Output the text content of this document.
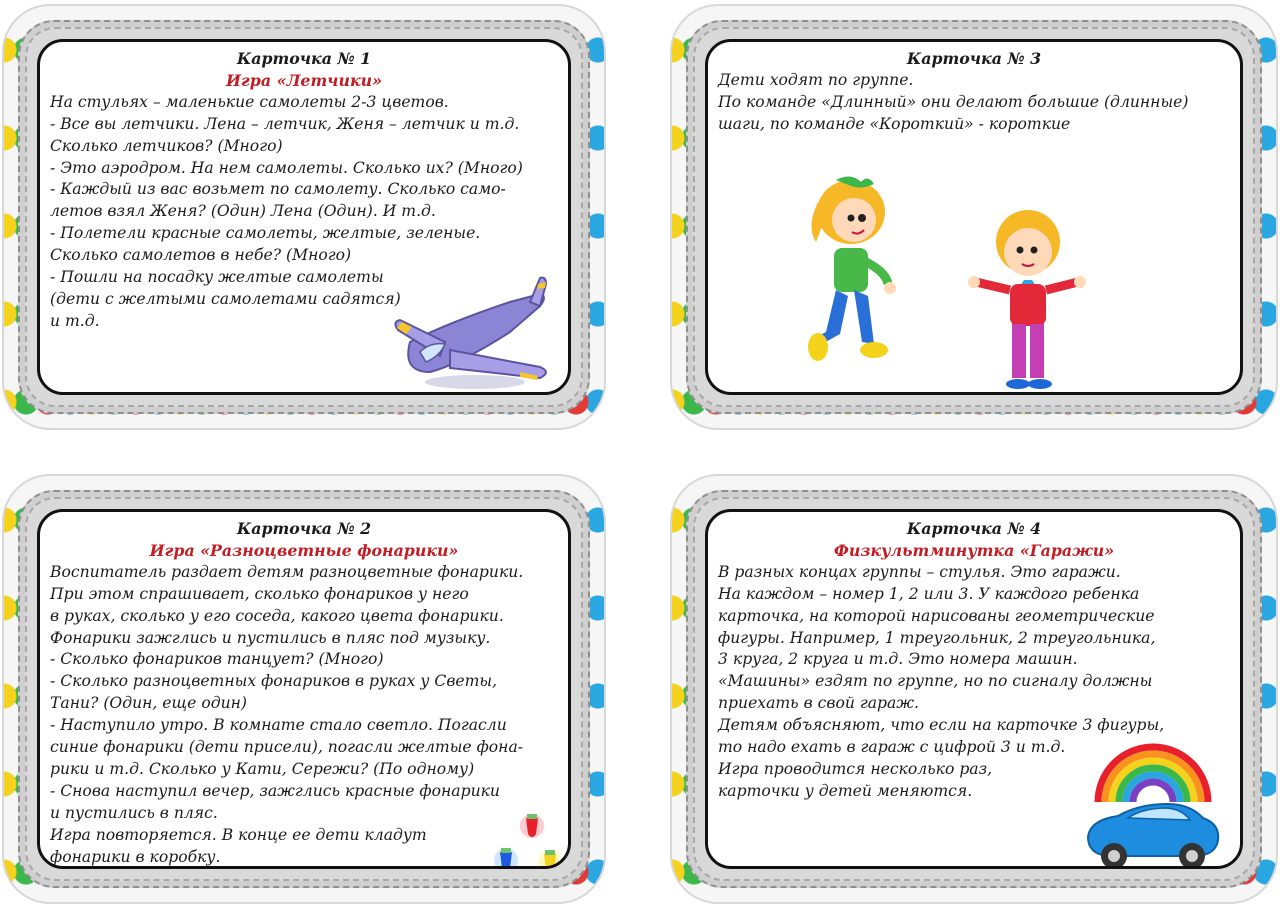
Карточка № 1
Игра «Летчики»
На стульях – маленькие самолеты 2-3 цветов.
- Все вы летчики. Лена – летчик, Женя – летчик и т.д.
Сколько летчиков? (Много)
- Это аэродром. На нем самолеты. Сколько их? (Много)
- Каждый из вас возьмет по самолету. Сколько само-
летов взял Женя? (Один) Лена (Один). И т.д.
- Полетели красные самолеты, желтые, зеленые.
Сколько самолетов в небе? (Много)
- Пошли на посадку желтые самолеты
(дети с желтыми самолетами садятся)
и т.д.
Карточка № 3
Дети ходят по группе.
По команде «Длинный» они делают большие (длинные)
шаги, по команде «Короткий» - короткие
Карточка № 2
Игра «Разноцветные фонарики»
Воспитатель раздает детям разноцветные фонарики.
При этом спрашивает, сколько фонариков у него
в руках, сколько у его соседа, какого цвета фонарики.
Фонарики зажглись и пустились в пляс под музыку.
- Сколько фонариков танцует? (Много)
- Сколько разноцветных фонариков в руках у Светы,
Тани? (Один, еще один)
- Наступило утро. В комнате стало светло. Погасли
синие фонарики (дети присели), погасли желтые фона-
рики и т.д. Сколько у Кати, Сережи? (По одному)
- Снова наступил вечер, зажглись красные фонарики
и пустились в пляс.
Игра повторяется. В конце ее дети кладут
фонарики в коробку.
Карточка № 4
Физкультминутка «Гаражи»
В разных концах группы – стулья. Это гаражи.
На каждом – номер 1, 2 или 3. У каждого ребенка
карточка, на которой нарисованы геометрические
фигуры. Например, 1 треугольник, 2 треугольника,
3 круга, 2 круга и т.д. Это номера машин.
«Машины» ездят по группе, но по сигналу должны
приехать в свой гараж.
Детям объясняют, что если на карточке 3 фигуры,
то надо ехать в гараж с цифрой 3 и т.д.
Игра проводится несколько раз,
карточки у детей меняются.
